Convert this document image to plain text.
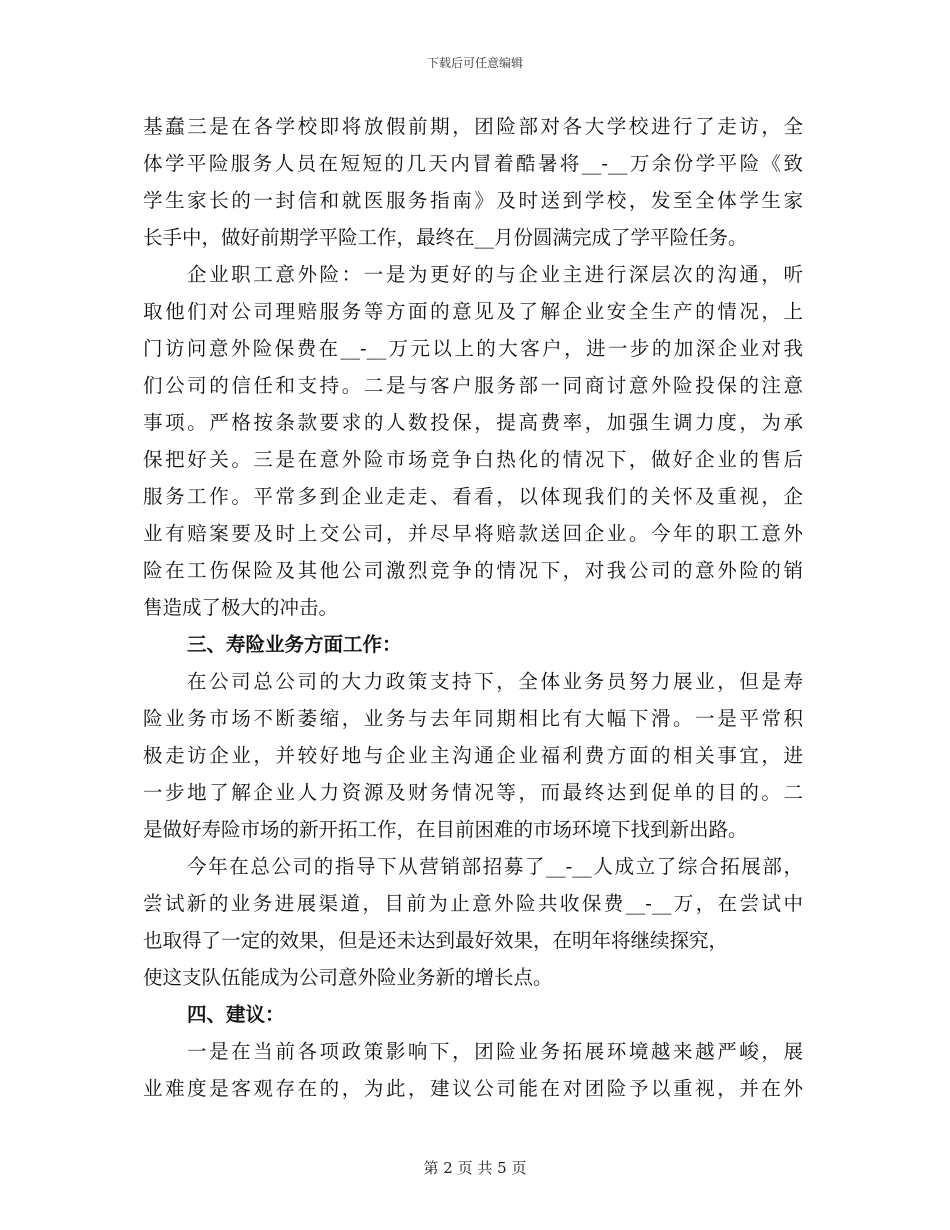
下载后可任意编辑
基蠢三是在各学校即将放假前期，团险部对各大学校进行了走访，全
体学平险服务人员在短短的几天内冒着酷暑将__-__万余份学平险《致
学生家长的一封信和就医服务指南》及时送到学校，发至全体学生家
长手中，做好前期学平险工作，最终在__月份圆满完成了学平险任务。
企业职工意外险：一是为更好的与企业主进行深层次的沟通，听
取他们对公司理赔服务等方面的意见及了解企业安全生产的情况，上
门访问意外险保费在__-__万元以上的大客户，进一步的加深企业对我
们公司的信任和支持。二是与客户服务部一同商讨意外险投保的注意
事项。严格按条款要求的人数投保，提高费率，加强生调力度，为承
保把好关。三是在意外险市场竞争白热化的情况下，做好企业的售后
服务工作。平常多到企业走走、看看，以体现我们的关怀及重视，企
业有赔案要及时上交公司，并尽早将赔款送回企业。今年的职工意外
险在工伤保险及其他公司激烈竞争的情况下，对我公司的意外险的销
售造成了极大的冲击。
三、寿险业务方面工作：
在公司总公司的大力政策支持下，全体业务员努力展业，但是寿
险业务市场不断萎缩，业务与去年同期相比有大幅下滑。一是平常积
极走访企业，并较好地与企业主沟通企业福利费方面的相关事宜，进
一步地了解企业人力资源及财务情况等，而最终达到促单的目的。二
是做好寿险市场的新开拓工作，在目前困难的市场环境下找到新出路。
今年在总公司的指导下从营销部招募了__-__人成立了综合拓展部，
尝试新的业务进展渠道，目前为止意外险共收保费__-__万，在尝试中
也取得了一定的效果，但是还未达到最好效果，在明年将继续探究，
使这支队伍能成为公司意外险业务新的增长点。
四、建议：
一是在当前各项政策影响下，团险业务拓展环境越来越严峻，展
业难度是客观存在的，为此，建议公司能在对团险予以重视，并在外
第 2 页 共 5 页
